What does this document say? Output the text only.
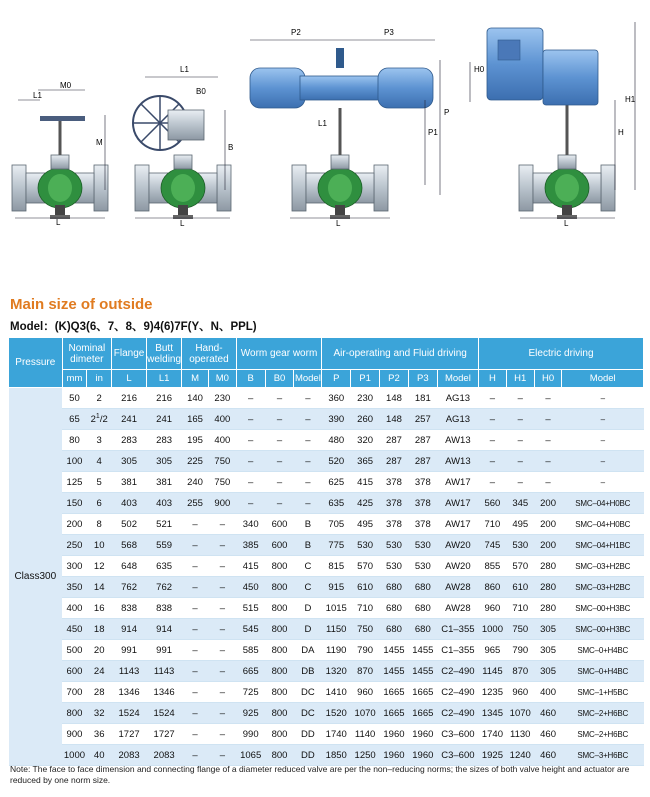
L1
M0
M
L
L1
B0
B
L
P2	P3
P
P1
L1
L
H0
H1
H
L
Main size of outside
Model：(K)Q3(6、7、8、9)4(6)7F(Y、N、PPL)
Pressure	Nominal dimeter		Flange	Butt welding	Hand-operated		Worm gear worm			Air-operating and Fluid driving					Electric driving			
	mm	in	L	L1	M	M0	B	B0	Model	P	P1	P2	P3	Model	H	H1	H0	Model
Class300	50	2	216	216	140	230	–	–	–	360	230	148	181	AG13	–	–	–	–
	65	$2^1/2$	241	241	165	400	–	–	–	390	260	148	257	AG13	–	–	–	–
	80	3	283	283	195	400	–	–	–	480	320	287	287	AW13	–	–	–	–
	100	4	305	305	225	750	–	–	–	520	365	287	287	AW13	–	–	–	–
	125	5	381	381	240	750	–	–	–	625	415	378	378	AW17	–	–	–	–
	150	6	403	403	255	900	–	–	–	635	425	378	378	AW17	560	345	200	SMC–04+H0BC
	200	8	502	521	–	–	340	600	B	705	495	378	378	AW17	710	495	200	SMC–04+H0BC
	250	10	568	559	–	–	385	600	B	775	530	530	530	AW20	745	530	200	SMC–04+H1BC
	300	12	648	635	–	–	415	800	C	815	570	530	530	AW20	855	570	280	SMC–03+H2BC
	350	14	762	762	–	–	450	800	C	915	610	680	680	AW28	860	610	280	SMC–03+H2BC
	400	16	838	838	–	–	515	800	D	1015	710	680	680	AW28	960	710	280	SMC–00+H3BC
	450	18	914	914	–	–	545	800	D	1150	750	680	680	C1–355	1000	750	305	SMC–00+H3BC
	500	20	991	991	–	–	585	800	DA	1190	790	1455	1455	C1–355	965	790	305	SMC–0+H4BC
	600	24	1143	1143	–	–	665	800	DB	1320	870	1455	1455	C2–490	1145	870	305	SMC–0+H4BC
	700	28	1346	1346	–	–	725	800	DC	1410	960	1665	1665	C2–490	1235	960	400	SMC–1+H5BC
	800	32	1524	1524	–	–	925	800	DC	1520	1070	1665	1665	C2–490	1345	1070	460	SMC–2+H6BC
	900	36	1727	1727	–	–	990	800	DD	1740	1140	1960	1960	C3–600	1740	1130	460	SMC–2+H6BC
	1000	40	2083	2083	–	–	1065	800	DD	1850	1250	1960	1960	C3–600	1925	1240	460	SMC–3+H6BC
Note: The face to face dimension and connecting flange of a diameter reduced valve are per the non–reducing norms; the sizes of both valve height and actuator are reduced by one norm size.
